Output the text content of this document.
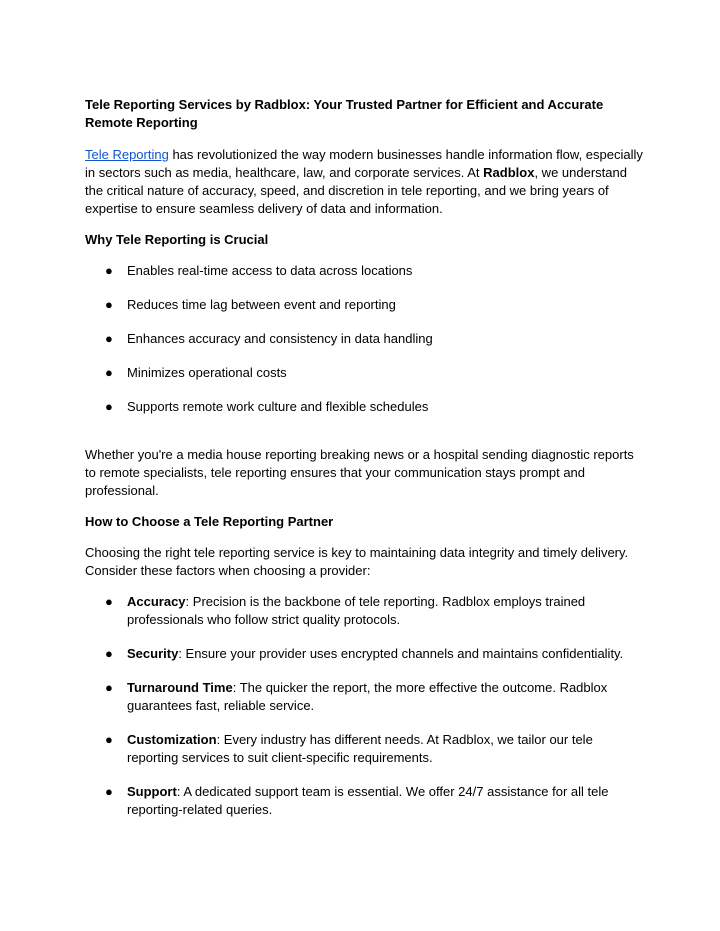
Tele Reporting Services by Radblox: Your Trusted Partner for Efficient and Accurate Remote Reporting

Tele Reporting has revolutionized the way modern businesses handle information flow, especially in sectors such as media, healthcare, law, and corporate services. At Radblox, we understand the critical nature of accuracy, speed, and discretion in tele reporting, and we bring years of expertise to ensure seamless delivery of data and information.

Why Tele Reporting is Crucial

● Enables real-time access to data across locations
● Reduces time lag between event and reporting
● Enhances accuracy and consistency in data handling
● Minimizes operational costs
● Supports remote work culture and flexible schedules

Whether you're a media house reporting breaking news or a hospital sending diagnostic reports to remote specialists, tele reporting ensures that your communication stays prompt and professional.

How to Choose a Tele Reporting Partner

Choosing the right tele reporting service is key to maintaining data integrity and timely delivery. Consider these factors when choosing a provider:

● Accuracy: Precision is the backbone of tele reporting. Radblox employs trained professionals who follow strict quality protocols.
● Security: Ensure your provider uses encrypted channels and maintains confidentiality.
● Turnaround Time: The quicker the report, the more effective the outcome. Radblox guarantees fast, reliable service.
● Customization: Every industry has different needs. At Radblox, we tailor our tele reporting services to suit client-specific requirements.
● Support: A dedicated support team is essential. We offer 24/7 assistance for all tele reporting-related queries.
